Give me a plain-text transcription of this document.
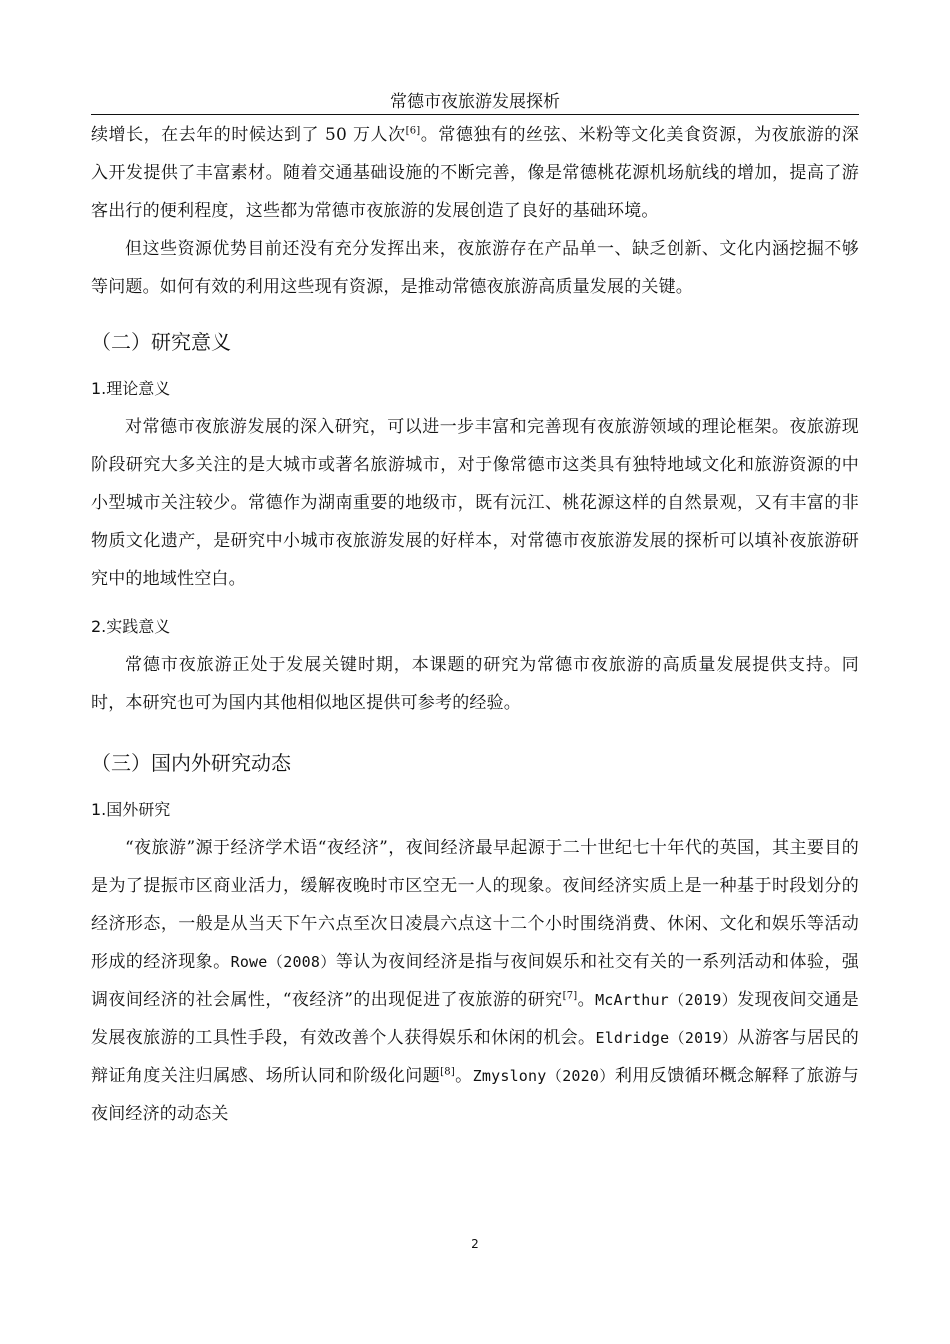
常德市夜旅游发展探析

续增长，在去年的时候达到了 50 万人次[6]。常德独有的丝弦、米粉等文化美食资源，为夜旅游的深入开发提供了丰富素材。随着交通基础设施的不断完善，像是常德桃花源机场航线的增加，提高了游客出行的便利程度，这些都为常德市夜旅游的发展创造了良好的基础环境。

但这些资源优势目前还没有充分发挥出来，夜旅游存在产品单一、缺乏创新、文化内涵挖掘不够等问题。如何有效的利用这些现有资源，是推动常德夜旅游高质量发展的关键。

（二）研究意义
1.理论意义

对常德市夜旅游发展的深入研究，可以进一步丰富和完善现有夜旅游领域的理论框架。夜旅游现阶段研究大多关注的是大城市或著名旅游城市，对于像常德市这类具有独特地域文化和旅游资源的中小型城市关注较少。常德作为湖南重要的地级市，既有沅江、桃花源这样的自然景观，又有丰富的非物质文化遗产，是研究中小城市夜旅游发展的好样本，对常德市夜旅游发展的探析可以填补夜旅游研究中的地域性空白。

2.实践意义

常德市夜旅游正处于发展关键时期，本课题的研究为常德市夜旅游的高质量发展提供支持。同时，本研究也可为国内其他相似地区提供可参考的经验。

（三）国内外研究动态
1.国外研究

“夜旅游”源于经济学术语“夜经济”，夜间经济最早起源于二十世纪七十年代的英国，其主要目的是为了提振市区商业活力，缓解夜晚时市区空无一人的现象。夜间经济实质上是一种基于时段划分的经济形态，一般是从当天下午六点至次日凌晨六点这十二个小时围绕消费、休闲、文化和娱乐等活动形成的经济现象。Rowe（2008）等认为夜间经济是指与夜间娱乐和社交有关的一系列活动和体验，强调夜间经济的社会属性，“夜经济”的出现促进了夜旅游的研究[7]。McArthur（2019）发现夜间交通是发展夜旅游的工具性手段，有效改善个人获得娱乐和休闲的机会。Eldridge（2019）从游客与居民的辩证角度关注归属感、场所认同和阶级化问题[8]。Zmyslony（2020）利用反馈循环概念解释了旅游与夜间经济的动态关

2
